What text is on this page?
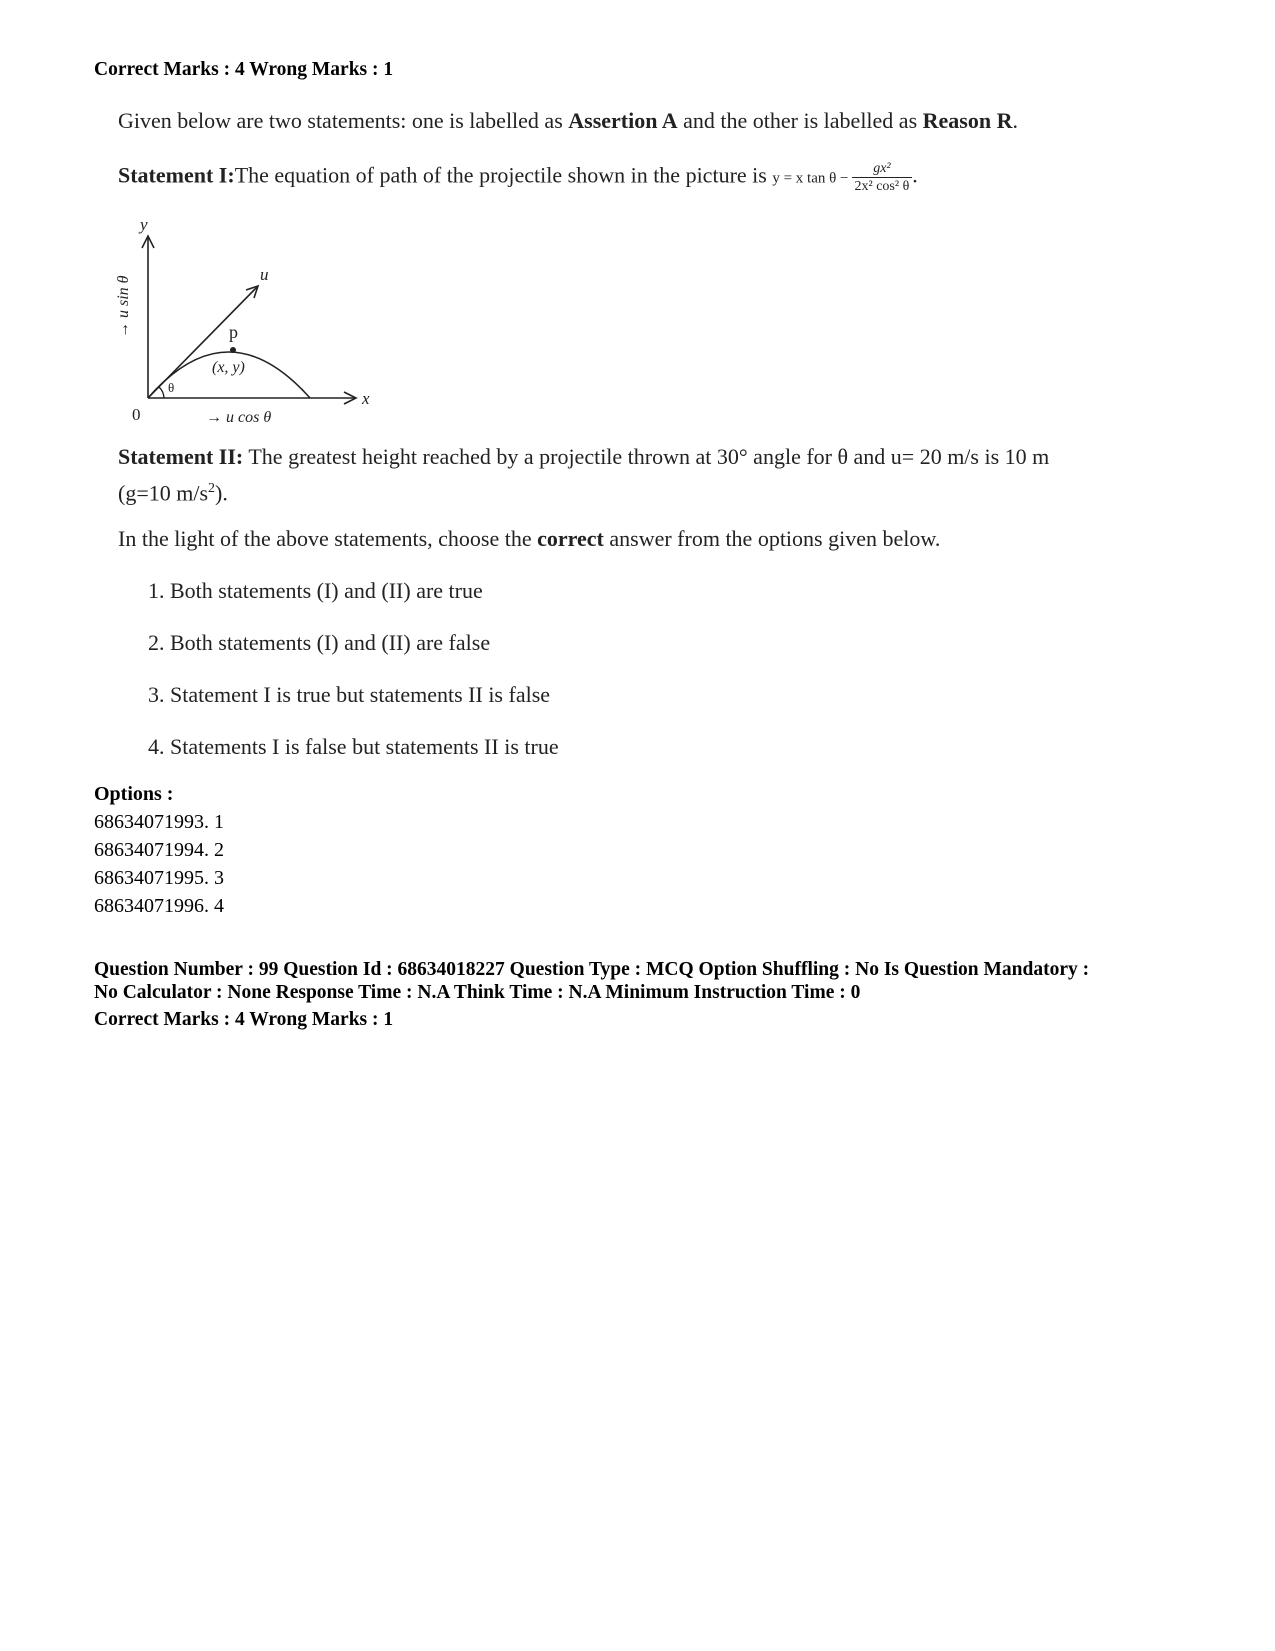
Correct Marks : 4 Wrong Marks : 1
Given below are two statements: one is labelled as Assertion A and the other is labelled as Reason R.
Statement I:The equation of path of the projectile shown in the picture is y = x $\tan \theta - \frac{\text{gx²}}{\text{2x² cos² θ}}$ .
y
x
u
p
(x, y)
θ
0	→ u cos θ
→ u sin θ
Statement II: The greatest height reached by a projectile thrown at 30° angle for θ and u= 20 m/s is 10 m
(g=10 $m/s^2$).
In the light of the above statements, choose the correct answer from the options given below.
1. Both statements (I) and (II) are true
2. Both statements (I) and (II) are false
3. Statement I is true but statements II is false
4. Statements I is false but statements II is true
Options :
68634071993. 1
68634071994. 2
68634071995. 3
68634071996. 4
Question Number : 99 Question Id : 68634018227 Question Type : MCQ Option Shuffling : No Is Question Mandatory :
No Calculator : None Response Time : N.A Think Time : N.A Minimum Instruction Time : 0
Correct Marks : 4 Wrong Marks : 1
